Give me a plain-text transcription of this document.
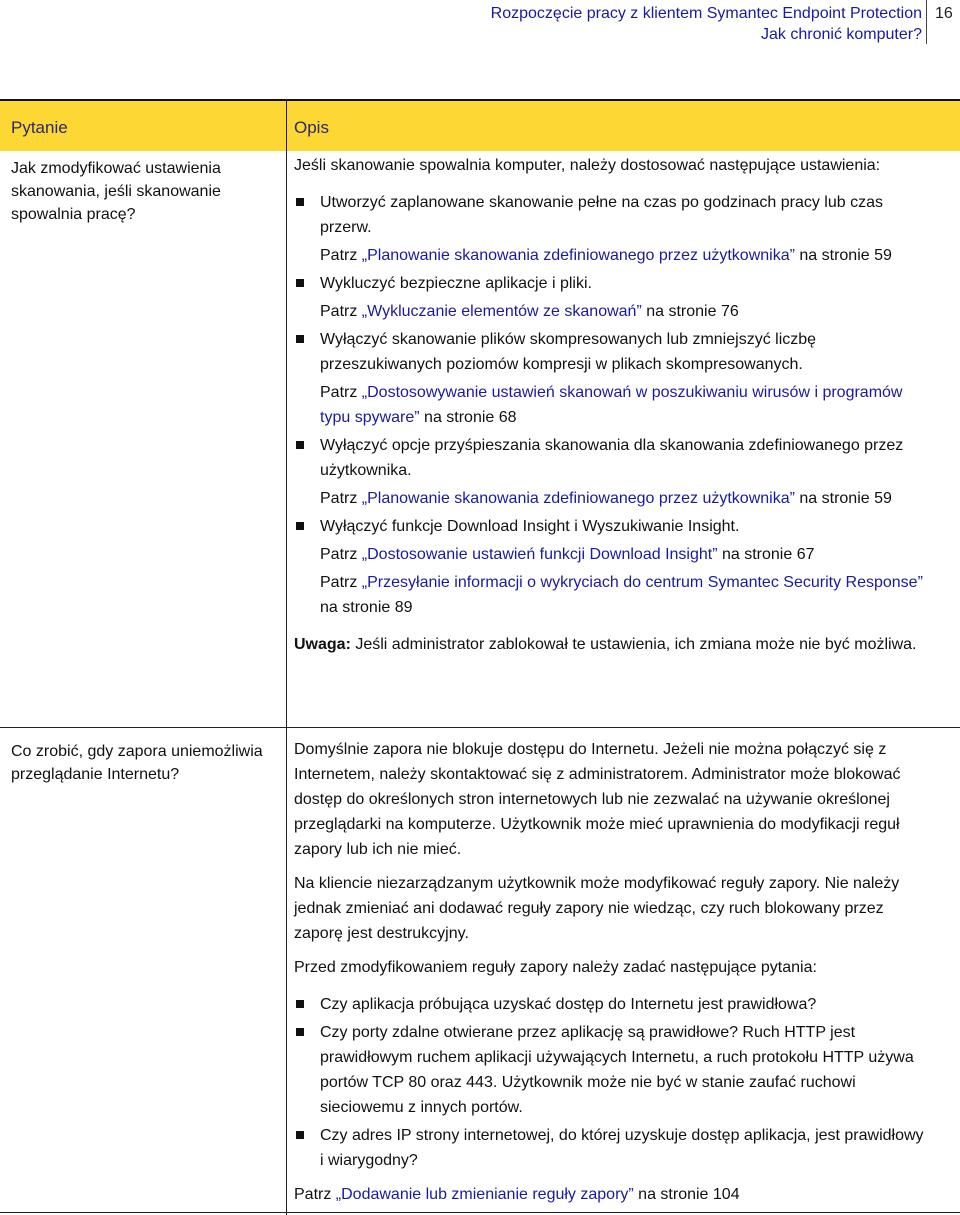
Rozpoczęcie pracy z klientem Symantec Endpoint Protection
Jak chronić komputer?
16
Pytanie	Opis
Jak zmodyfikować ustawienia skanowania, jeśli skanowanie spowalnia pracę?

Jeśli skanowanie spowalnia komputer, należy dostosować następujące ustawienia:

Utworzyć zaplanowane skanowanie pełne na czas po godzinach pracy lub czas przerw.
Patrz „Planowanie skanowania zdefiniowanego przez użytkownika” na stronie 59
Wykluczyć bezpieczne aplikacje i pliki.
Patrz „Wykluczanie elementów ze skanowań” na stronie 76
Wyłączyć skanowanie plików skompresowanych lub zmniejszyć liczbę przeszukiwanych poziomów kompresji w plikach skompresowanych.
Patrz „Dostosowywanie ustawień skanowań w poszukiwaniu wirusów i programów typu spyware” na stronie 68
Wyłączyć opcje przyśpieszania skanowania dla skanowania zdefiniowanego przez użytkownika.
Patrz „Planowanie skanowania zdefiniowanego przez użytkownika” na stronie 59
Wyłączyć funkcje Download Insight i Wyszukiwanie Insight.
Patrz „Dostosowanie ustawień funkcji Download Insight” na stronie 67
Patrz „Przesyłanie informacji o wykryciach do centrum Symantec Security Response” na stronie 89

Uwaga: Jeśli administrator zablokował te ustawienia, ich zmiana może nie być możliwa.

Co zrobić, gdy zapora uniemożliwia przeglądanie Internetu?

Domyślnie zapora nie blokuje dostępu do Internetu. Jeżeli nie można połączyć się z Internetem, należy skontaktować się z administratorem. Administrator może blokować dostęp do określonych stron internetowych lub nie zezwalać na używanie określonej przeglądarki na komputerze. Użytkownik może mieć uprawnienia do modyfikacji reguł zapory lub ich nie mieć.

Na kliencie niezarządzanym użytkownik może modyfikować reguły zapory. Nie należy jednak zmieniać ani dodawać reguły zapory nie wiedząc, czy ruch blokowany przez zaporę jest destrukcyjny.

Przed zmodyfikowaniem reguły zapory należy zadać następujące pytania:

Czy aplikacja próbująca uzyskać dostęp do Internetu jest prawidłowa?
Czy porty zdalne otwierane przez aplikację są prawidłowe? Ruch HTTP jest prawidłowym ruchem aplikacji używających Internetu, a ruch protokołu HTTP używa portów TCP 80 oraz 443. Użytkownik może nie być w stanie zaufać ruchowi sieciowemu z innych portów.
Czy adres IP strony internetowej, do której uzyskuje dostęp aplikacja, jest prawidłowy i wiarygodny?

Patrz „Dodawanie lub zmienianie reguły zapory” na stronie 104
